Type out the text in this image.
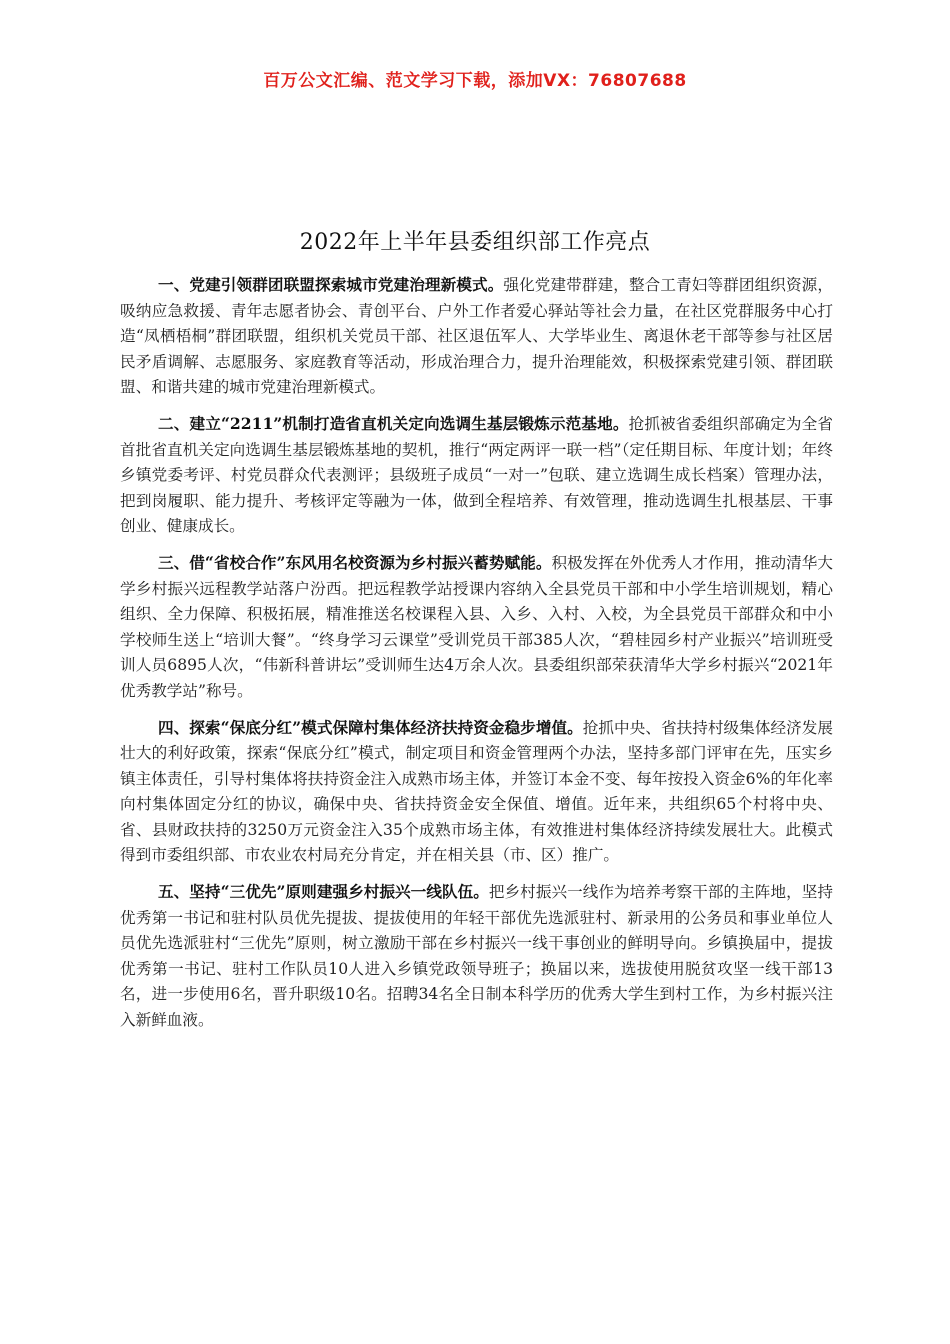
百万公文汇编、范文学习下载，添加VX：76807688
2022年上半年县委组织部工作亮点

一、党建引领群团联盟探索城市党建治理新模式。强化党建带群建，整合工青妇等群团组织资源，吸纳应急救援、青年志愿者协会、青创平台、户外工作者爱心驿站等社会力量，在社区党群服务中心打造“凤栖梧桐”群团联盟，组织机关党员干部、社区退伍军人、大学毕业生、离退休老干部等参与社区居民矛盾调解、志愿服务、家庭教育等活动，形成治理合力，提升治理能效，积极探索党建引领、群团联盟、和谐共建的城市党建治理新模式。

二、建立“2211”机制打造省直机关定向选调生基层锻炼示范基地。抢抓被省委组织部确定为全省首批省直机关定向选调生基层锻炼基地的契机，推行“两定两评一联一档”（定任期目标、年度计划；年终乡镇党委考评、村党员群众代表测评；县级班子成员“一对一”包联、建立选调生成长档案）管理办法，把到岗履职、能力提升、考核评定等融为一体，做到全程培养、有效管理，推动选调生扎根基层、干事创业、健康成长。

三、借“省校合作”东风用名校资源为乡村振兴蓄势赋能。积极发挥在外优秀人才作用，推动清华大学乡村振兴远程教学站落户汾西。把远程教学站授课内容纳入全县党员干部和中小学生培训规划，精心组织、全力保障、积极拓展，精准推送名校课程入县、入乡、入村、入校，为全县党员干部群众和中小学校师生送上“培训大餐”。“终身学习云课堂”受训党员干部385人次，“碧桂园乡村产业振兴”培训班受训人员6895人次，“伟新科普讲坛”受训师生达4万余人次。县委组织部荣获清华大学乡村振兴“2021年优秀教学站”称号。

四、探索“保底分红”模式保障村集体经济扶持资金稳步增值。抢抓中央、省扶持村级集体经济发展壮大的利好政策，探索“保底分红”模式，制定项目和资金管理两个办法，坚持多部门评审在先，压实乡镇主体责任，引导村集体将扶持资金注入成熟市场主体，并签订本金不变、每年按投入资金6%的年化率向村集体固定分红的协议，确保中央、省扶持资金安全保值、增值。近年来，共组织65个村将中央、省、县财政扶持的3250万元资金注入35个成熟市场主体，有效推进村集体经济持续发展壮大。此模式得到市委组织部、市农业农村局充分肯定，并在相关县（市、区）推广。

五、坚持“三优先”原则建强乡村振兴一线队伍。把乡村振兴一线作为培养考察干部的主阵地，坚持优秀第一书记和驻村队员优先提拔、提拔使用的年轻干部优先选派驻村、新录用的公务员和事业单位人员优先选派驻村“三优先”原则，树立激励干部在乡村振兴一线干事创业的鲜明导向。乡镇换届中，提拔优秀第一书记、驻村工作队员10人进入乡镇党政领导班子；换届以来，选拔使用脱贫攻坚一线干部13名，进一步使用6名，晋升职级10名。招聘34名全日制本科学历的优秀大学生到村工作，为乡村振兴注入新鲜血液。
